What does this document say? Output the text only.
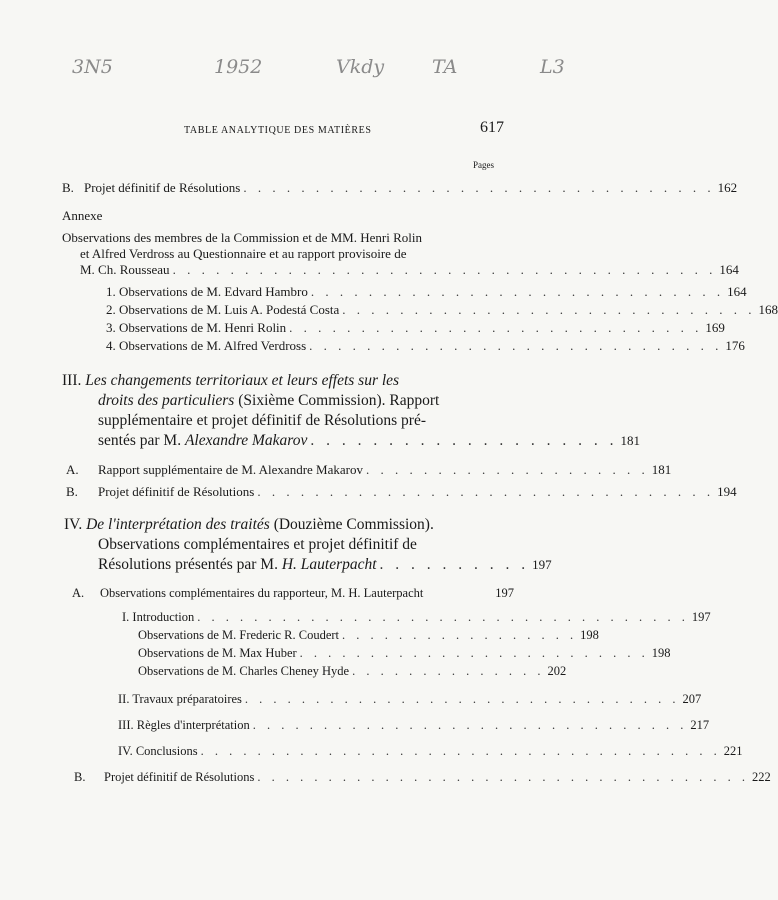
3N5	1952	Vkdy	TA	L3
TABLE ANALYTIQUE DES MATIÈRES	617
Pages
B. Projet définitif de Résolutions . . . . . . . . . . . . . . . . . . . . . . . . . . . . . . . . . 162
Annexe
Observations des membres de la Commission et de MM. Henri Rolin
et Alfred Verdross au Questionnaire et au rapport provisoire de
M. Ch. Rousseau . . . . . . . . . . . . . . . . . . . . . . . . . . . . . . . . . . . . . . 164
1. Observations de M. Edvard Hambro . . . . . . . . . . . . . . . . . . . . . . . . . . . . . 164
2. Observations de M. Luis A. Podestá Costa . . . . . . . . . . . . . . . . . . . . . . . . . . . . . 168
3. Observations de M. Henri Rolin . . . . . . . . . . . . . . . . . . . . . . . . . . . . . 169
4. Observations de M. Alfred Verdross . . . . . . . . . . . . . . . . . . . . . . . . . . . . . 176
III. Les changements territoriaux et leurs effets sur les
droits des particuliers (Sixième Commission). Rapport
supplémentaire et projet définitif de Résolutions pré-
sentés par M. Alexandre Makarov . . . . . . . . . . . . . . . . . . . . 181
A.	Rapport supplémentaire de M. Alexandre Makarov . . . . . . . . . . . . . . . . . . . . 181
B.	Projet définitif de Résolutions . . . . . . . . . . . . . . . . . . . . . . . . . . . . . . . . 194
IV. De l'interprétation des traités (Douzième Commission).
Observations complémentaires et projet définitif de
Résolutions présentés par M. H. Lauterpacht . . . . . . . . . . 197
A.	Observations complémentaires du rapporteur, M. H. Lauterpacht	197
I. Introduction . . . . . . . . . . . . . . . . . . . . . . . . . . . . . . . . . . . 197
Observations de M. Frederic R. Coudert . . . . . . . . . . . . . . . . . 198
Observations de M. Max Huber . . . . . . . . . . . . . . . . . . . . . . . . . 198
Observations de M. Charles Cheney Hyde . . . . . . . . . . . . . . 202
II. Travaux préparatoires . . . . . . . . . . . . . . . . . . . . . . . . . . . . . . . 207
III. Règles d'interprétation . . . . . . . . . . . . . . . . . . . . . . . . . . . . . . . 217
IV. Conclusions . . . . . . . . . . . . . . . . . . . . . . . . . . . . . . . . . . . . . 221
B.	Projet définitif de Résolutions . . . . . . . . . . . . . . . . . . . . . . . . . . . . . . . . . . . 222
